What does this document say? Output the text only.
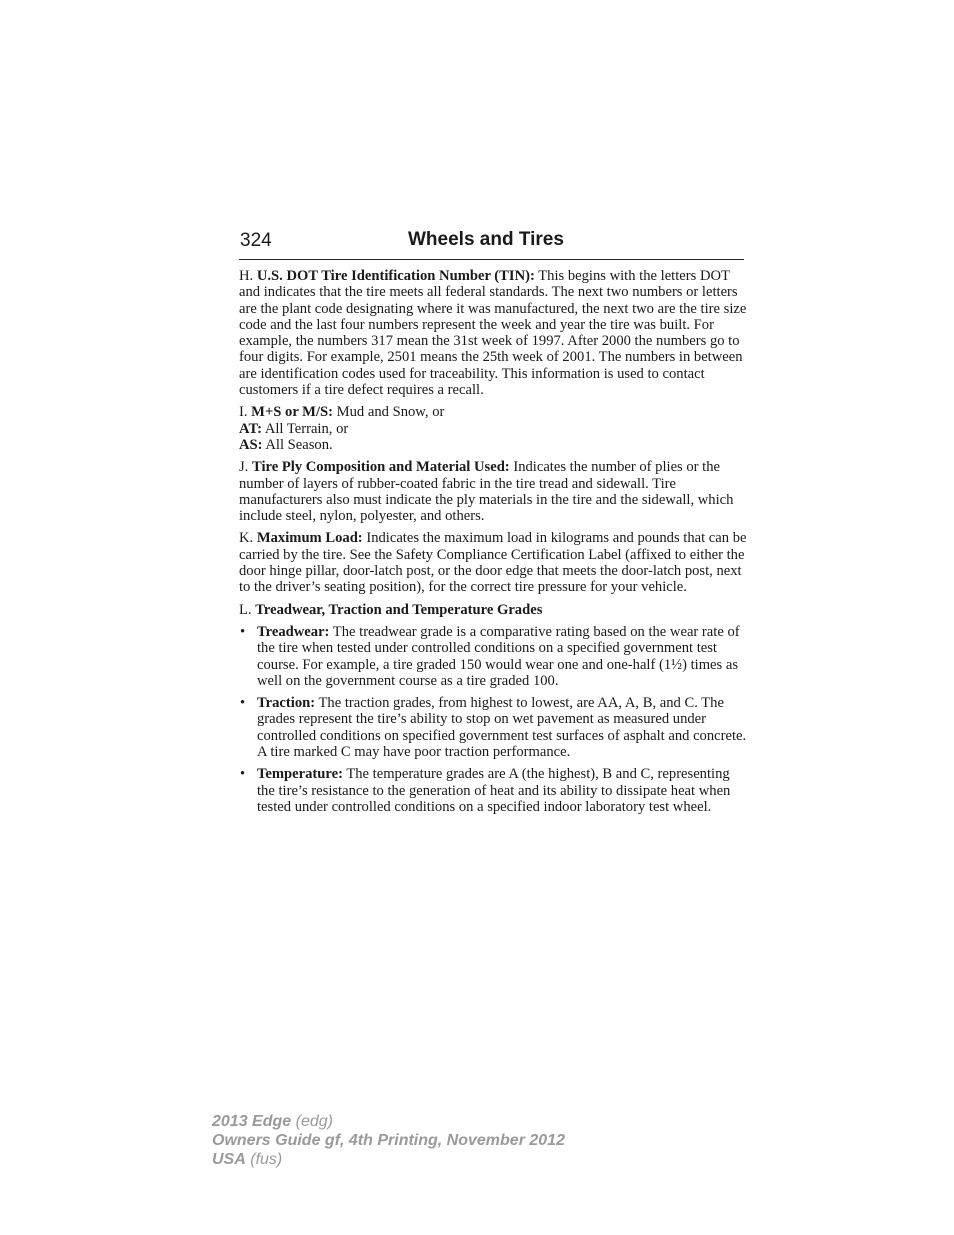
324	Wheels and Tires

H. U.S. DOT Tire Identification Number (TIN): This begins with the letters DOT and indicates that the tire meets all federal standards. The next two numbers or letters are the plant code designating where it was manufactured, the next two are the tire size code and the last four numbers represent the week and year the tire was built. For example, the numbers 317 mean the 31st week of 1997. After 2000 the numbers go to four digits. For example, 2501 means the 25th week of 2001. The numbers in between are identification codes used for traceability. This information is used to contact customers if a tire defect requires a recall.

I. M+S or M/S: Mud and Snow, or
AT: All Terrain, or
AS: All Season.

J. Tire Ply Composition and Material Used: Indicates the number of plies or the number of layers of rubber-coated fabric in the tire tread and sidewall. Tire manufacturers also must indicate the ply materials in the tire and the sidewall, which include steel, nylon, polyester, and others.

K. Maximum Load: Indicates the maximum load in kilograms and pounds that can be carried by the tire. See the Safety Compliance Certification Label (affixed to either the door hinge pillar, door-latch post, or the door edge that meets the door-latch post, next to the driver’s seating position), for the correct tire pressure for your vehicle.

L. Treadwear, Traction and Temperature Grades

• Treadwear: The treadwear grade is a comparative rating based on the wear rate of the tire when tested under controlled conditions on a specified government test course. For example, a tire graded 150 would wear one and one-half (1½) times as well on the government course as a tire graded 100.
• Traction: The traction grades, from highest to lowest, are AA, A, B, and C. The grades represent the tire’s ability to stop on wet pavement as measured under controlled conditions on specified government test surfaces of asphalt and concrete. A tire marked C may have poor traction performance.
• Temperature: The temperature grades are A (the highest), B and C, representing the tire’s resistance to the generation of heat and its ability to dissipate heat when tested under controlled conditions on a specified indoor laboratory test wheel.
2013 Edge (edg)
Owners Guide gf, 4th Printing, November 2012
USA (fus)
